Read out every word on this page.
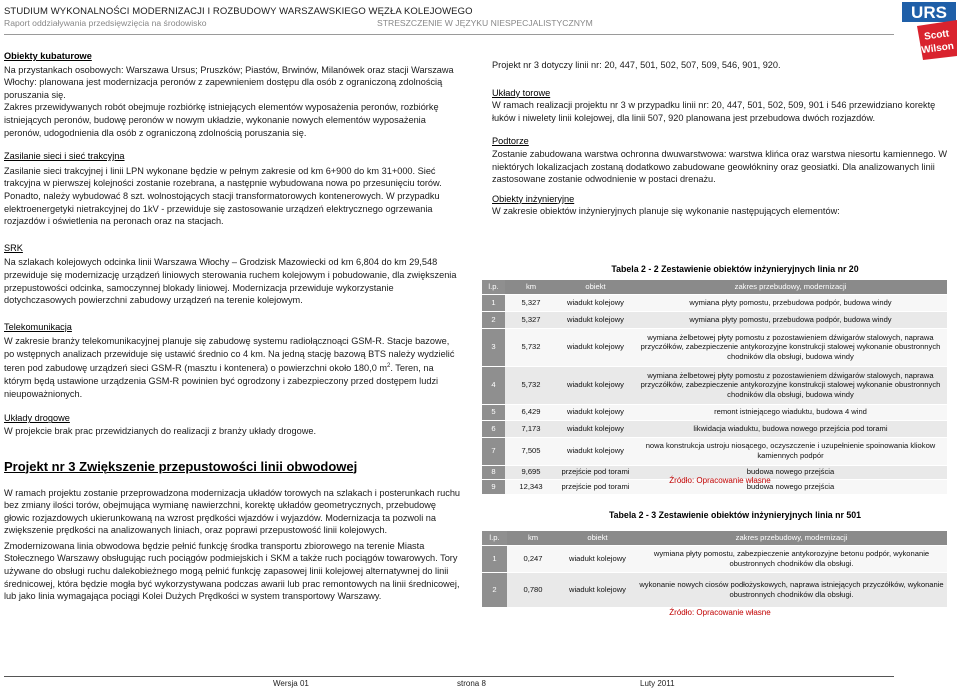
STUDIUM WYKONALNOŚCI MODERNIZACJI I ROZBUDOWY WARSZAWSKIEGO WĘZŁA KOLEJOWEGO
Raport oddziaływania przedsięwzięcia na środowisko	STRESZCZENIE W JĘZYKU NIESPECJALISTYCZNYM
URS
Scott
Wilson

Obiekty kubaturowe

Na przystankach osobowych: Warszawa Ursus; Pruszków; Piastów, Brwinów, Milanówek oraz stacji Warszawa Włochy: planowana jest modernizacja peronów z zapewnieniem dostępu dla osób z ograniczoną zdolnością poruszania się.

Zakres przewidywanych robót obejmuje rozbiórkę istniejących elementów wyposażenia peronów, rozbiórkę istniejących peronów, budowę peronów w nowym układzie, wykonanie nowych elementów wyposażenia peronów, udogodnienia dla osób z ograniczoną zdolnością poruszania się.

Zasilanie sieci i sieć trakcyjna

Zasilanie sieci trakcyjnej i linii LPN wykonane będzie w pełnym zakresie od km 6+900 do km 31+000. Sieć trakcyjna w pierwszej kolejności zostanie rozebrana, a następnie wybudowana nowa po przesunięciu torów. Ponadto, należy wybudować 8 szt. wolnostojących stacji transformatorowych kontenerowych. W przypadku elektroenergetyki nietrakcyjnej do 1kV - przewiduje się zastosowanie urządzeń elektrycznego ogrzewania rozjazdów i oświetlenia na peronach oraz na stacjach.

SRK

Na szlakach kolejowych odcinka linii Warszawa Włochy – Grodzisk Mazowiecki od km 6,804 do km 29,548 przewiduje się modernizację urządzeń liniowych sterowania ruchem kolejowym i pobudowanie, dla zwiększenia przepustowości odcinka, samoczynnej blokady liniowej. Modernizacja przewiduje wykorzystanie dotychczasowych powierzchni zabudowy urządzeń na terenie kolejowym.

Telekomunikacja

W zakresie branży telekomunikacyjnej planuje się zabudowę systemu radiołącznoąci GSM-R. Stacje bazowe, po wstępnych analizach przewiduje się ustawić średnio co 4 km. Na jedną stację bazową BTS należy wydzielić teren pod zabudowę urządzeń sieci GSM-R (masztu i kontenera) o powierzchni około 180,0 $m^2$. Teren, na którym będą ustawione urządzenia GSM-R powinien być ogrodzony i zabezpieczony przed dostępem ludzi nieupoważnionych.

Układy drogowe

W projekcie brak prac przewidzianych do realizacji z branży układy drogowe.

Projekt nr 3 Zwiększenie przepustowości linii obwodowej

W ramach projektu zostanie przeprowadzona modernizacja układów torowych na szlakach i posterunkach ruchu bez zmiany ilości torów, obejmująca wymianę nawierzchni, korektę układów geometrycznych, przebudowę głowic rozjazdowych ukierunkowaną na wzrost prędkości wjazdów i wyjazdów. Modernizacja ta pozwoli na zwiększenie prędkości na analizowanych liniach, oraz poprawi przepustowość linii kolejowych.

Zmodernizowana linia obwodowa będzie pełnić funkcję środka transportu zbiorowego na terenie Miasta Stołecznego Warszawy obsługując ruch pociągów podmiejskich i SKM a także ruch pociągów towarowych. Tory używane do obsługi ruchu dalekobieżnego mogą pełnić funkcję zapasowej linii kolejowej alternatywnej do linii średnicowej, która będzie mogła być wykorzystywana podczas awarii lub prac remontowych na linii średnicowej, lub jako linia wymagająca pociągi Kolei Dużych Prędkości w system transportowy Warszawy.

Projekt nr 3 dotyczy linii nr: 20, 447, 501, 502, 507, 509, 546, 901, 920.

Układy torowe

W ramach realizacji projektu nr 3 w przypadku linii nr: 20, 447, 501, 502, 509, 901 i 546 przewidziano korektę łuków i niwelety linii kolejowej, dla linii 507, 920 planowana jest przebudowa dwóch rozjazdów.

Podtorze

Zostanie zabudowana warstwa ochronna dwuwarstwowa: warstwa klińca oraz warstwa niesortu kamiennego. W niektórych lokalizacjach zostaną dodatkowo zabudowane geowłókniny oraz geosiatki. Dla analizowanych linii zastosowane zostanie odwodnienie w postaci drenażu.

Obiekty inżynieryjne

W zakresie obiektów inżynieryjnych planuje się wykonanie następujących elementów:

Tabela 2 - 2 Zestawienie obiektów inżynieryjnych linia nr 20
l.p.	km	obiekt	zakres przebudowy, modernizacji
1	5,327	wiadukt kolejowy	wymiana płyty pomostu, przebudowa podpór, budowa windy
2	5,327	wiadukt kolejowy	wymiana płyty pomostu, przebudowa podpór, budowa windy
3	5,732	wiadukt kolejowy	wymiana żelbetowej płyty pomostu z pozostawieniem dźwigarów stalowych, naprawa przyczółków, zabezpieczenie antykorozyjne konstrukcji stalowej wykonanie obustronnych chodników dla obsługi, budowa windy
4	5,732	wiadukt kolejowy	wymiana żelbetowej płyty pomostu z pozostawieniem dźwigarów stalowych, naprawa przyczółków, zabezpieczenie antykorozyjne konstrukcji stalowej wykonanie obustronnych chodników dla obsługi, budowa windy
5	6,429	wiadukt kolejowy	remont istniejącego wiaduktu, budowa 4 wind
6	7,173	wiadukt kolejowy	likwidacja wiaduktu, budowa nowego przejścia pod torami
7	7,505	wiadukt kolejowy	nowa konstrukcja ustroju niosącego, oczyszczenie i uzupełnienie spoinowania kliokow kamiennych podpór
8	9,695	przejście pod torami	budowa nowego przejścia
9	12,343	przejście pod torami	budowa nowego przejścia
Źródło: Opracowanie własne
Tabela 2 - 3 Zestawienie obiektów inżynieryjnych linia nr 501
l.p.	km	obiekt	zakres przebudowy, modernizacji
1	0,247	wiadukt kolejowy	wymiana płyty pomostu, zabezpieczenie antykorozyjne betonu podpór, wykonanie obustronnych chodników dla obsługi.
2	0,780	wiadukt kolejowy	wykonanie nowych ciosów podłożyskowych, naprawa istniejących przyczółków, wykonanie obustronnych chodników dla obsługi.
Źródło: Opracowanie własne
Wersja 01	strona 8	Luty 2011
